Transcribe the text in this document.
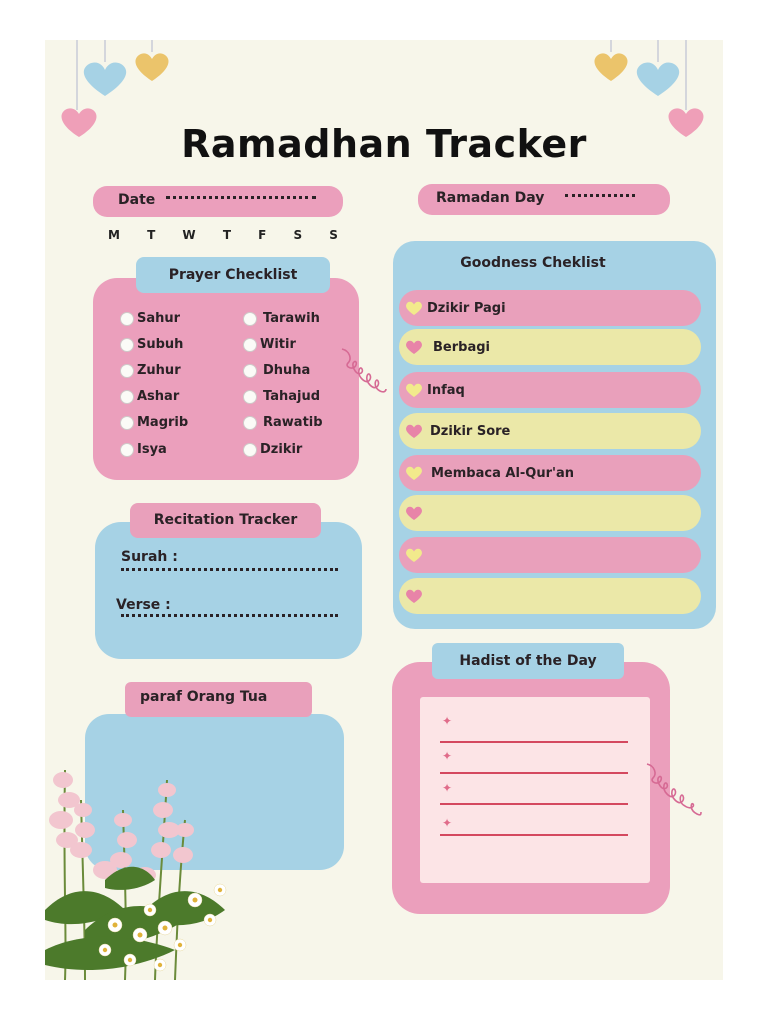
Ramadhan Tracker
Date	Ramadan Day
M T W T F S S
Prayer Checklist
Sahur
Subuh
Zuhur
Ashar
Magrib
Isya
Tarawih
Witir
Dhuha
Tahajud
Rawatib
Dzikir
Goodness Cheklist
Dzikir Pagi
Berbagi
Infaq
Dzikir Sore
Membaca Al-Qur'an
Recitation Tracker
Surah :
Verse :
paraf Orang Tua
Hadist of the Day
✦
✦
✦
✦
